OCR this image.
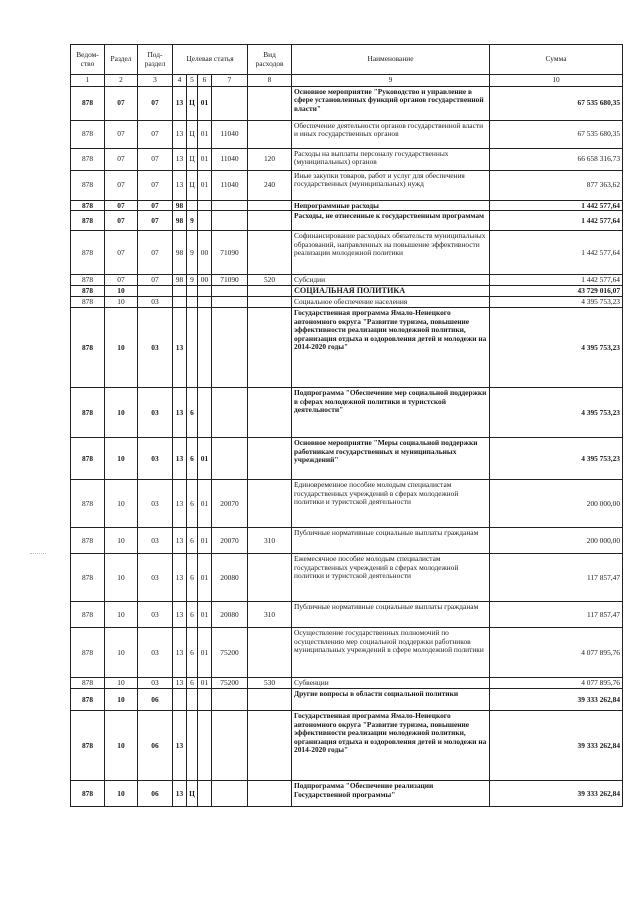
Ведом-ство	Раздел	Под-раздел	Целевая статья				Вид расходов	Наименование	Сумма
1	2	3	4	5	6	7	8	9	10
878	07	07	13	Ц	01			Основное мероприятие "Руководство и управление в сфере установленных функций органов государственной власти"	67 535 680,35
878	07	07	13	Ц	01	11040		Обеспечение деятельности органов государственной власти и иных государственных органов	67 535 680,35
878	07	07	13	Ц	01	11040	120	Расходы на выплаты персоналу государственных (муниципальных) органов	66 658 316,73
878	07	07	13	Ц	01	11040	240	Иные закупки товаров, работ и услуг для обеспечения государственных (муниципальных) нужд	877 363,62
878	07	07	98					Непрограммные расходы	1 442 577,64
878	07	07	98	9				Расходы, не отнесенные к государственным программам	1 442 577,64
878	07	07	98	9	00	71090		Софинансирование расходных обязательств муниципальных образований, направленных на повышение эффективности реализации молодежной политики	1 442 577,64
878	07	07	98	9	00	71090	520	Субсидии	1 442 577,64
878	10							СОЦИАЛЬНАЯ ПОЛИТИКА	43 729 016,07
878	10	03						Социальное обеспечение населения	4 395 753,23
878	10	03	13					Государственная программа Ямало-Ненецкого автономного округа "Развитие туризма, повышение эффективности реализации молодежной политики, организация отдыха и оздоровления детей и молодежи на 2014-2020 годы"	4 395 753,23
878	10	03	13	6				Подпрограмма "Обеспечение мер социальной поддержки в сферах молодежной политики и туристской деятельности"	4 395 753,23
878	10	03	13	6	01			Основное мероприятие "Меры социальной поддержки работникам государственных и муниципальных учреждений"	4 395 753,23
878	10	03	13	6	01	20070		Единовременное пособие молодым специалистам государственных учреждений в сферах молодежной политики и туристской деятельности	200 000,00
878	10	03	13	6	01	20070	310	Публичные нормативные социальные выплаты гражданам	200 000,00
878	10	03	13	6	01	20080		Ежемесячное пособие молодым специалистам государственных учреждений в сферах молодежной политики и туристской деятельности	117 857,47
878	10	03	13	6	01	20080	310	Публичные нормативные социальные выплаты гражданам	117 857,47
878	10	03	13	6	01	75200		Осуществление государственных полномочий по осуществлению мер социальной поддержки работников муниципальных учреждений в сфере молодежной политики	4 077 895,76
878	10	03	13	6	01	75200	530	Субвенции	4 077 895,76
878	10	06						Другие вопросы в области социальной политики	39 333 262,84
878	10	06	13					Государственная программа Ямало-Ненецкого автономного округа "Развитие туризма, повышение эффективности реализации молодежной политики, организация отдыха и оздоровления детей и молодежи на 2014-2020 годы"	39 333 262,84
878	10	06	13	Ц				Подпрограмма "Обеспечение реализации Государственной программы"	39 333 262,84
